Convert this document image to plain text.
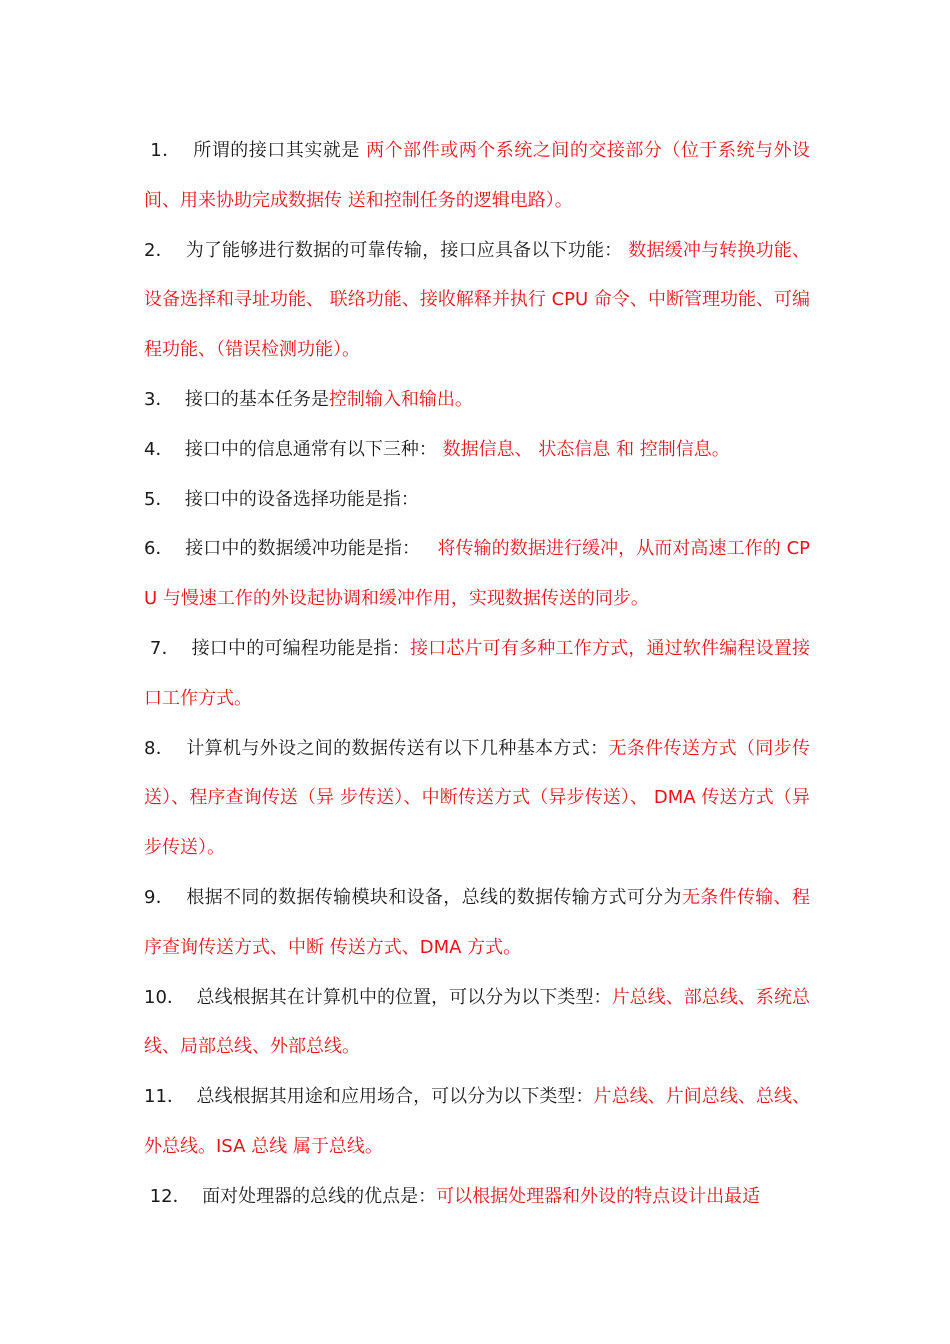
1． 所谓的接口其实就是 两个部件或两个系统之间的交接部分（位于系统与外设间、用来协助完成数据传 送和控制任务的逻辑电路）。

2． 为了能够进行数据的可靠传输，接口应具备以下功能： 数据缓冲与转换功能、设备选择和寻址功能、 联络功能、接收解释并执行 CPU 命令、中断管理功能、可编程功能、（错误检测功能）。

3． 接口的基本任务是控制输入和输出。

4． 接口中的信息通常有以下三种： 数据信息、 状态信息 和 控制信息。

5． 接口中的设备选择功能是指：

6． 接口中的数据缓冲功能是指： 将传输的数据进行缓冲，从而对高速工作的 CPU 与慢速工作的外设起协调和缓冲作用，实现数据传送的同步。

7． 接口中的可编程功能是指：接口芯片可有多种工作方式，通过软件编程设置接口工作方式。

8． 计算机与外设之间的数据传送有以下几种基本方式：无条件传送方式（同步传送）、程序查询传送（异 步传送）、中断传送方式（异步传送）、 DMA 传送方式（异步传送）。

9． 根据不同的数据传输模块和设备，总线的数据传输方式可分为无条件传输、程序查询传送方式、中断 传送方式、DMA 方式。

10． 总线根据其在计算机中的位置，可以分为以下类型：片总线、部总线、系统总线、局部总线、外部总线。

11． 总线根据其用途和应用场合，可以分为以下类型：片总线、片间总线、总线、外总线。ISA 总线 属于总线。

12． 面对处理器的总线的优点是：可以根据处理器和外设的特点设计出最适
